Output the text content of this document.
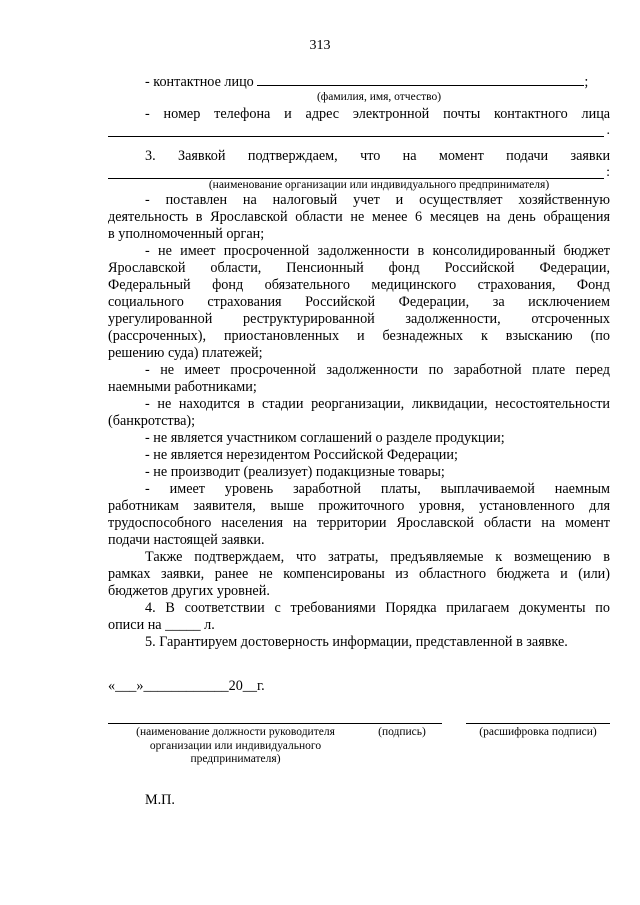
313

- контактное лицо	;

(фамилия, имя, отчество)

- номер телефона и адрес электронной почты контактного лица

.

3. Заявкой подтверждаем, что на момент подачи заявки

:
(наименование организации или индивидуального предпринимателя)

- поставлен на налоговый учет и осуществляет хозяйственную

деятельность в Ярославской области не менее 6 месяцев на день обращения

в уполномоченный орган;

- не имеет просроченной задолженности в консолидированный бюджет

Ярославской области, Пенсионный фонд Российской Федерации,

Федеральный фонд обязательного медицинского страхования, Фонд

социального страхования Российской Федерации, за исключением

урегулированной реструктурированной задолженности, отсроченных

(рассроченных), приостановленных и безнадежных к взысканию (по

решению суда) платежей;

- не имеет просроченной задолженности по заработной плате перед

наемными работниками;

- не находится в стадии реорганизации, ликвидации, несостоятельности

(банкротства);

- не является участником соглашений о разделе продукции;

- не является нерезидентом Российской Федерации;

- не производит (реализует) подакцизные товары;

- имеет уровень заработной платы, выплачиваемой наемным

работникам заявителя, выше прожиточного уровня, установленного для

трудоспособного населения на территории Ярославской области на момент

подачи настоящей заявки.

Также подтверждаем, что затраты, предъявляемые к возмещению в

рамках заявки, ранее не компенсированы из областного бюджета и (или)

бюджетов других уровней.

4. В соответствии с требованиями Порядка прилагаем документы по

описи на _____ л.

5. Гарантируем достоверность информации, представленной в заявке.

«___»____________20__г.
(наименование должности руководителя
организации или индивидуального
предпринимателя)
(подпись)	(расшифровка подписи)
М.П.
